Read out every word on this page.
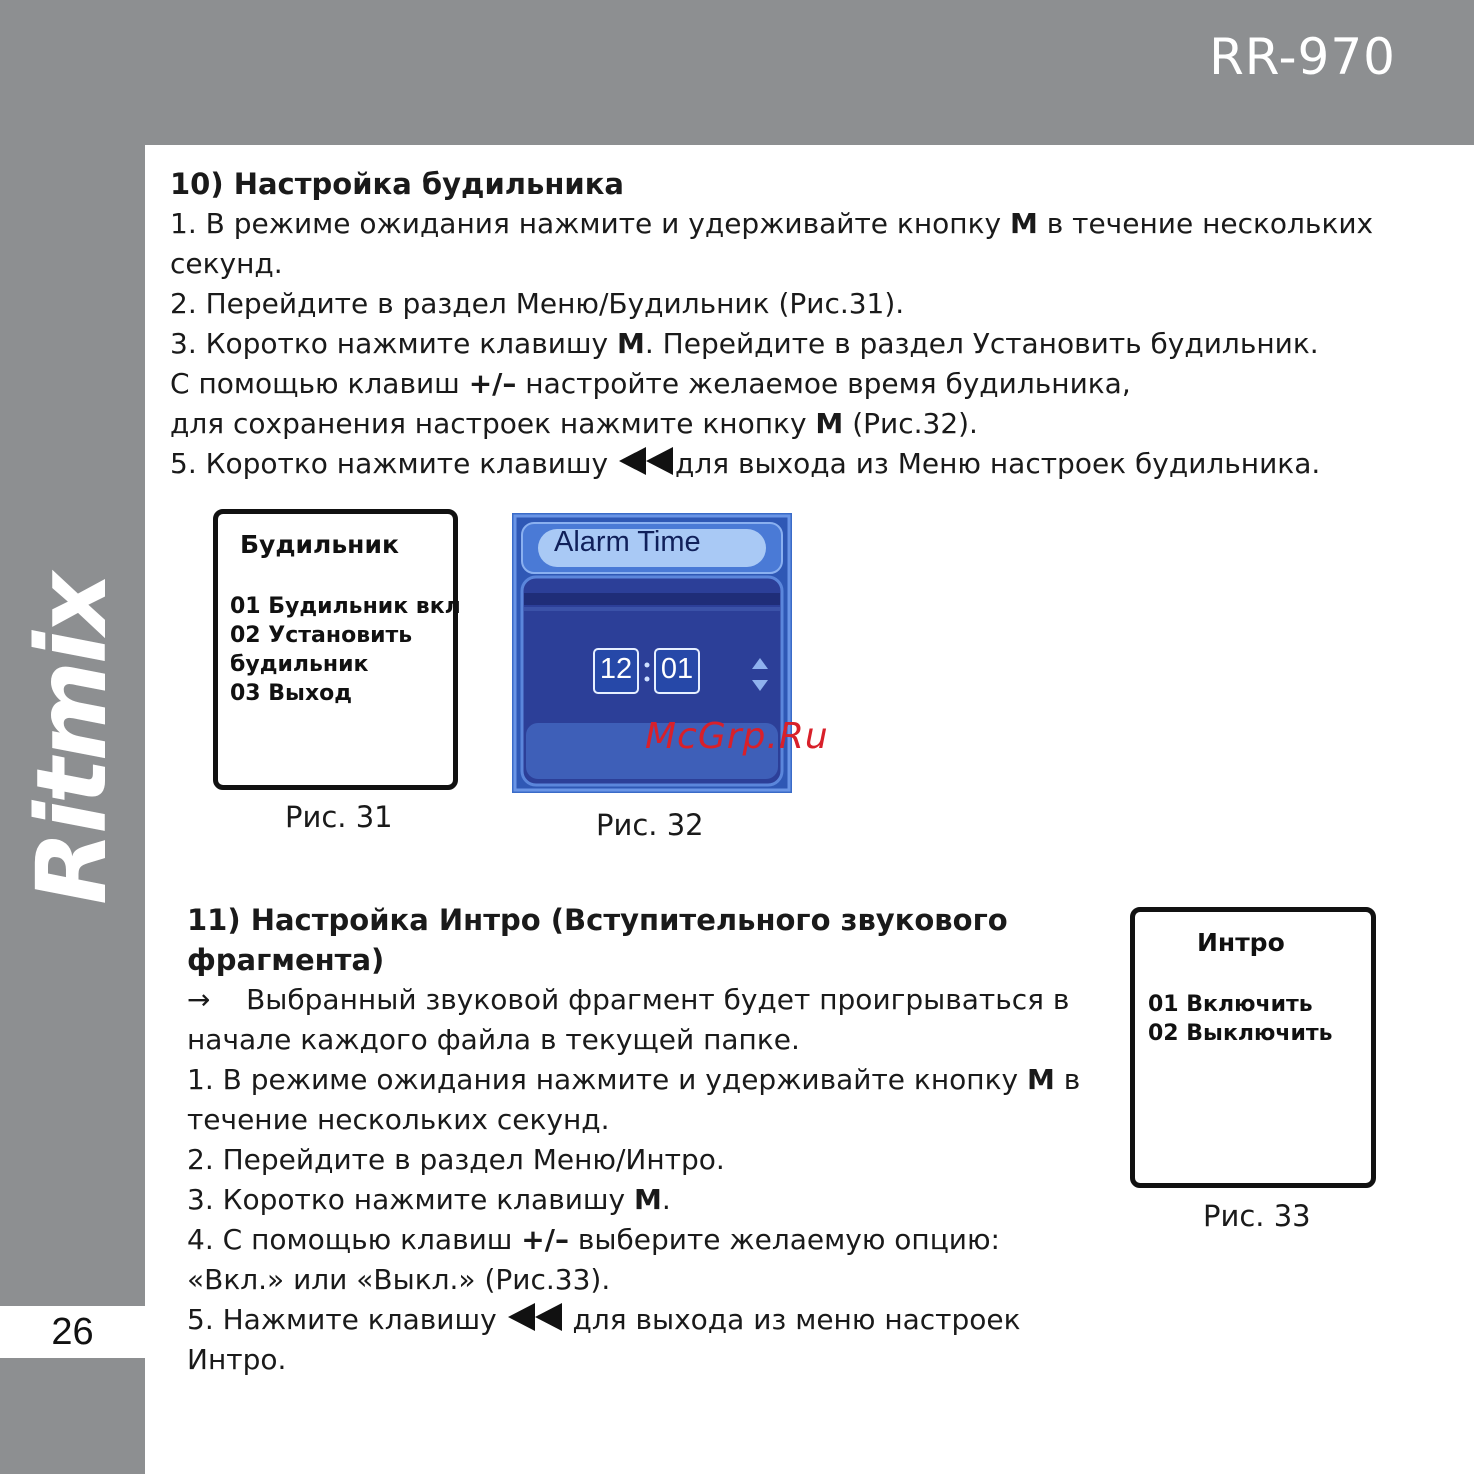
RR-970
Ritmix
26

10) Настройка будильника

1. В режиме ожидания нажмите и удерживайте кнопку M в течение нескольких

секунд.

2. Перейдите в раздел Меню/Будильник (Рис.31).

3. Коротко нажмите клавишу M. Перейдите в раздел Установить будильник.

С помощью клавиш +/– настройте желаемое время будильника,

для сохранения настроек нажмите кнопку M (Рис.32).

5. Коротко нажмите клавишу для выхода из Меню настроек будильника.

Будильник
01 Будильник вкл
02 Установить
будильник
03 Выход
Рис. 31
Alarm Time
12 01
McGrp.Ru
Рис. 32

11) Настройка Интро (Вступительного звукового

фрагмента)

→ Выбранный звуковой фрагмент будет проигрываться в

начале каждого файла в текущей папке.

1. В режиме ожидания нажмите и удерживайте кнопку M в

течение нескольких секунд.

2. Перейдите в раздел Меню/Интро.

3. Коротко нажмите клавишу M.

4. С помощью клавиш +/– выберите желаемую опцию:

«Вкл.» или «Выкл.» (Рис.33).

5. Нажмите клавишу  для выхода из меню настроек

Интро.

Интро
01 Включить
02 Выключить
Рис. 33
